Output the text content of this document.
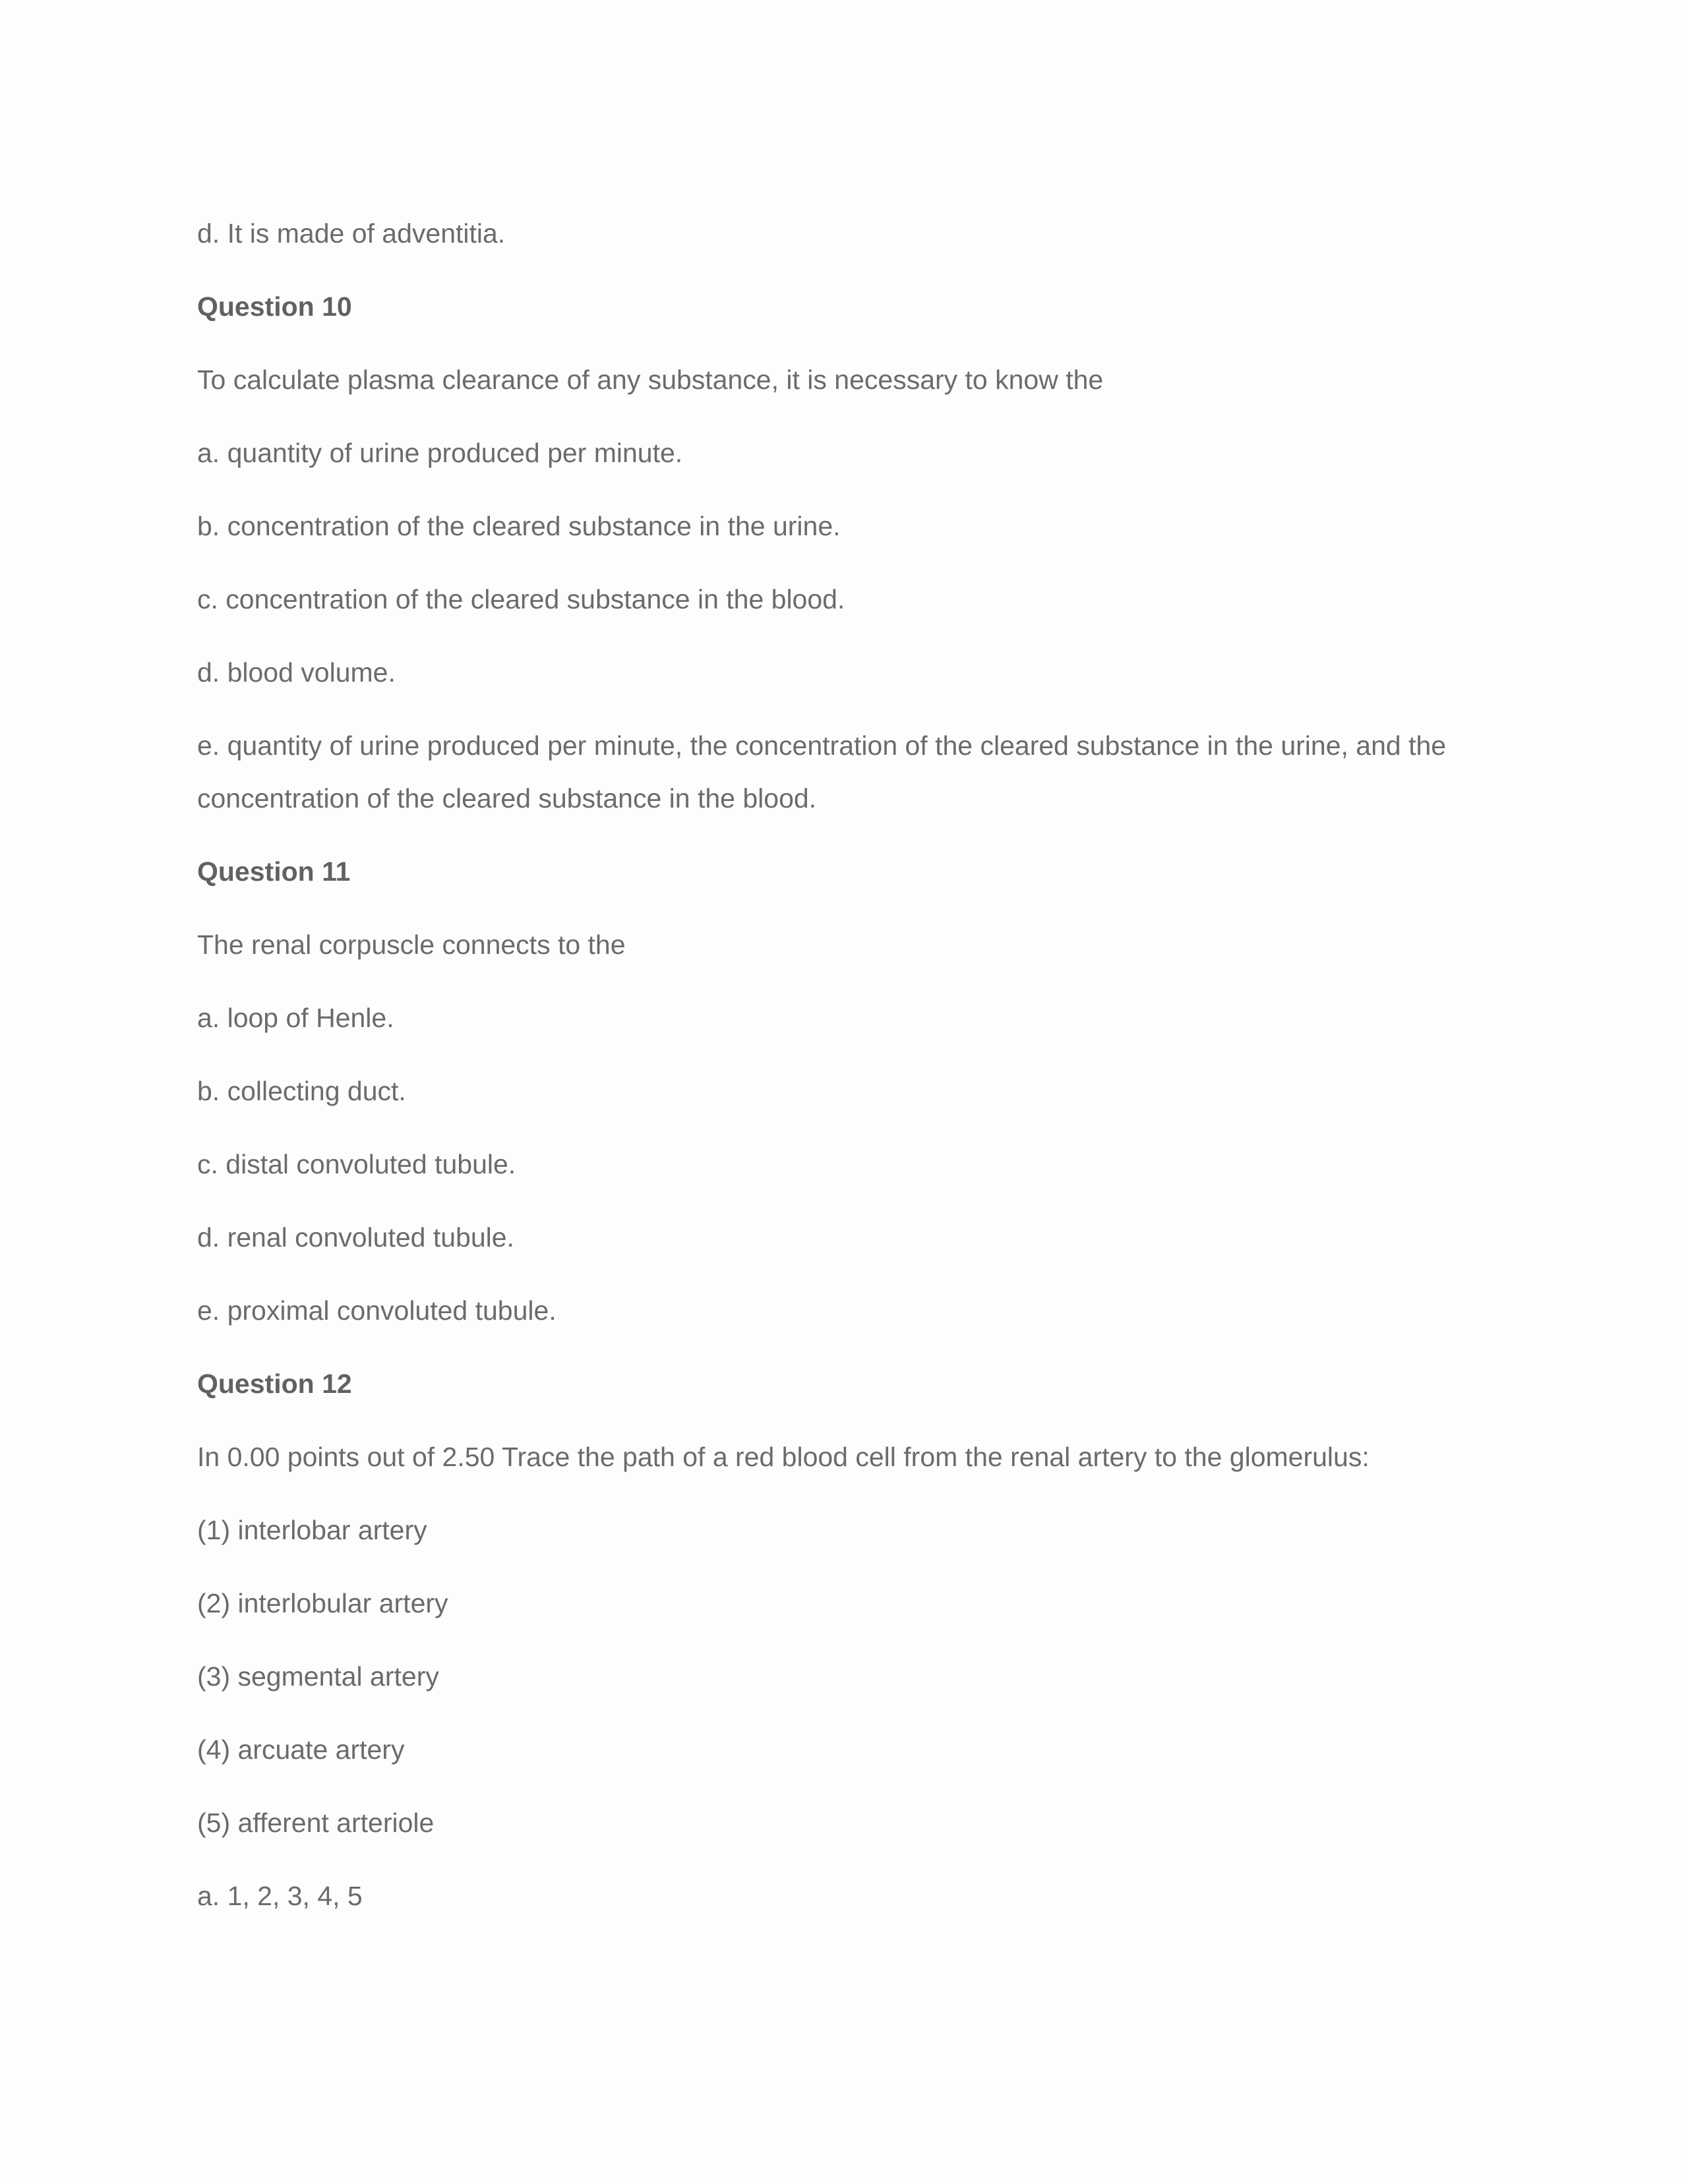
d. It is made of adventitia.
Question 10
To calculate plasma clearance of any substance, it is necessary to know the
a. quantity of urine produced per minute.
b. concentration of the cleared substance in the urine.
c. concentration of the cleared substance in the blood.
d. blood volume.
e. quantity of urine produced per minute, the concentration of the cleared substance in the urine, and the
concentration of the cleared substance in the blood.
Question 11
The renal corpuscle connects to the
a. loop of Henle.
b. collecting duct.
c. distal convoluted tubule.
d. renal convoluted tubule.
e. proximal convoluted tubule.
Question 12
In 0.00 points out of 2.50 Trace the path of a red blood cell from the renal artery to the glomerulus:
(1) interlobar artery
(2) interlobular artery
(3) segmental artery
(4) arcuate artery
(5) afferent arteriole
a. 1, 2, 3, 4, 5
